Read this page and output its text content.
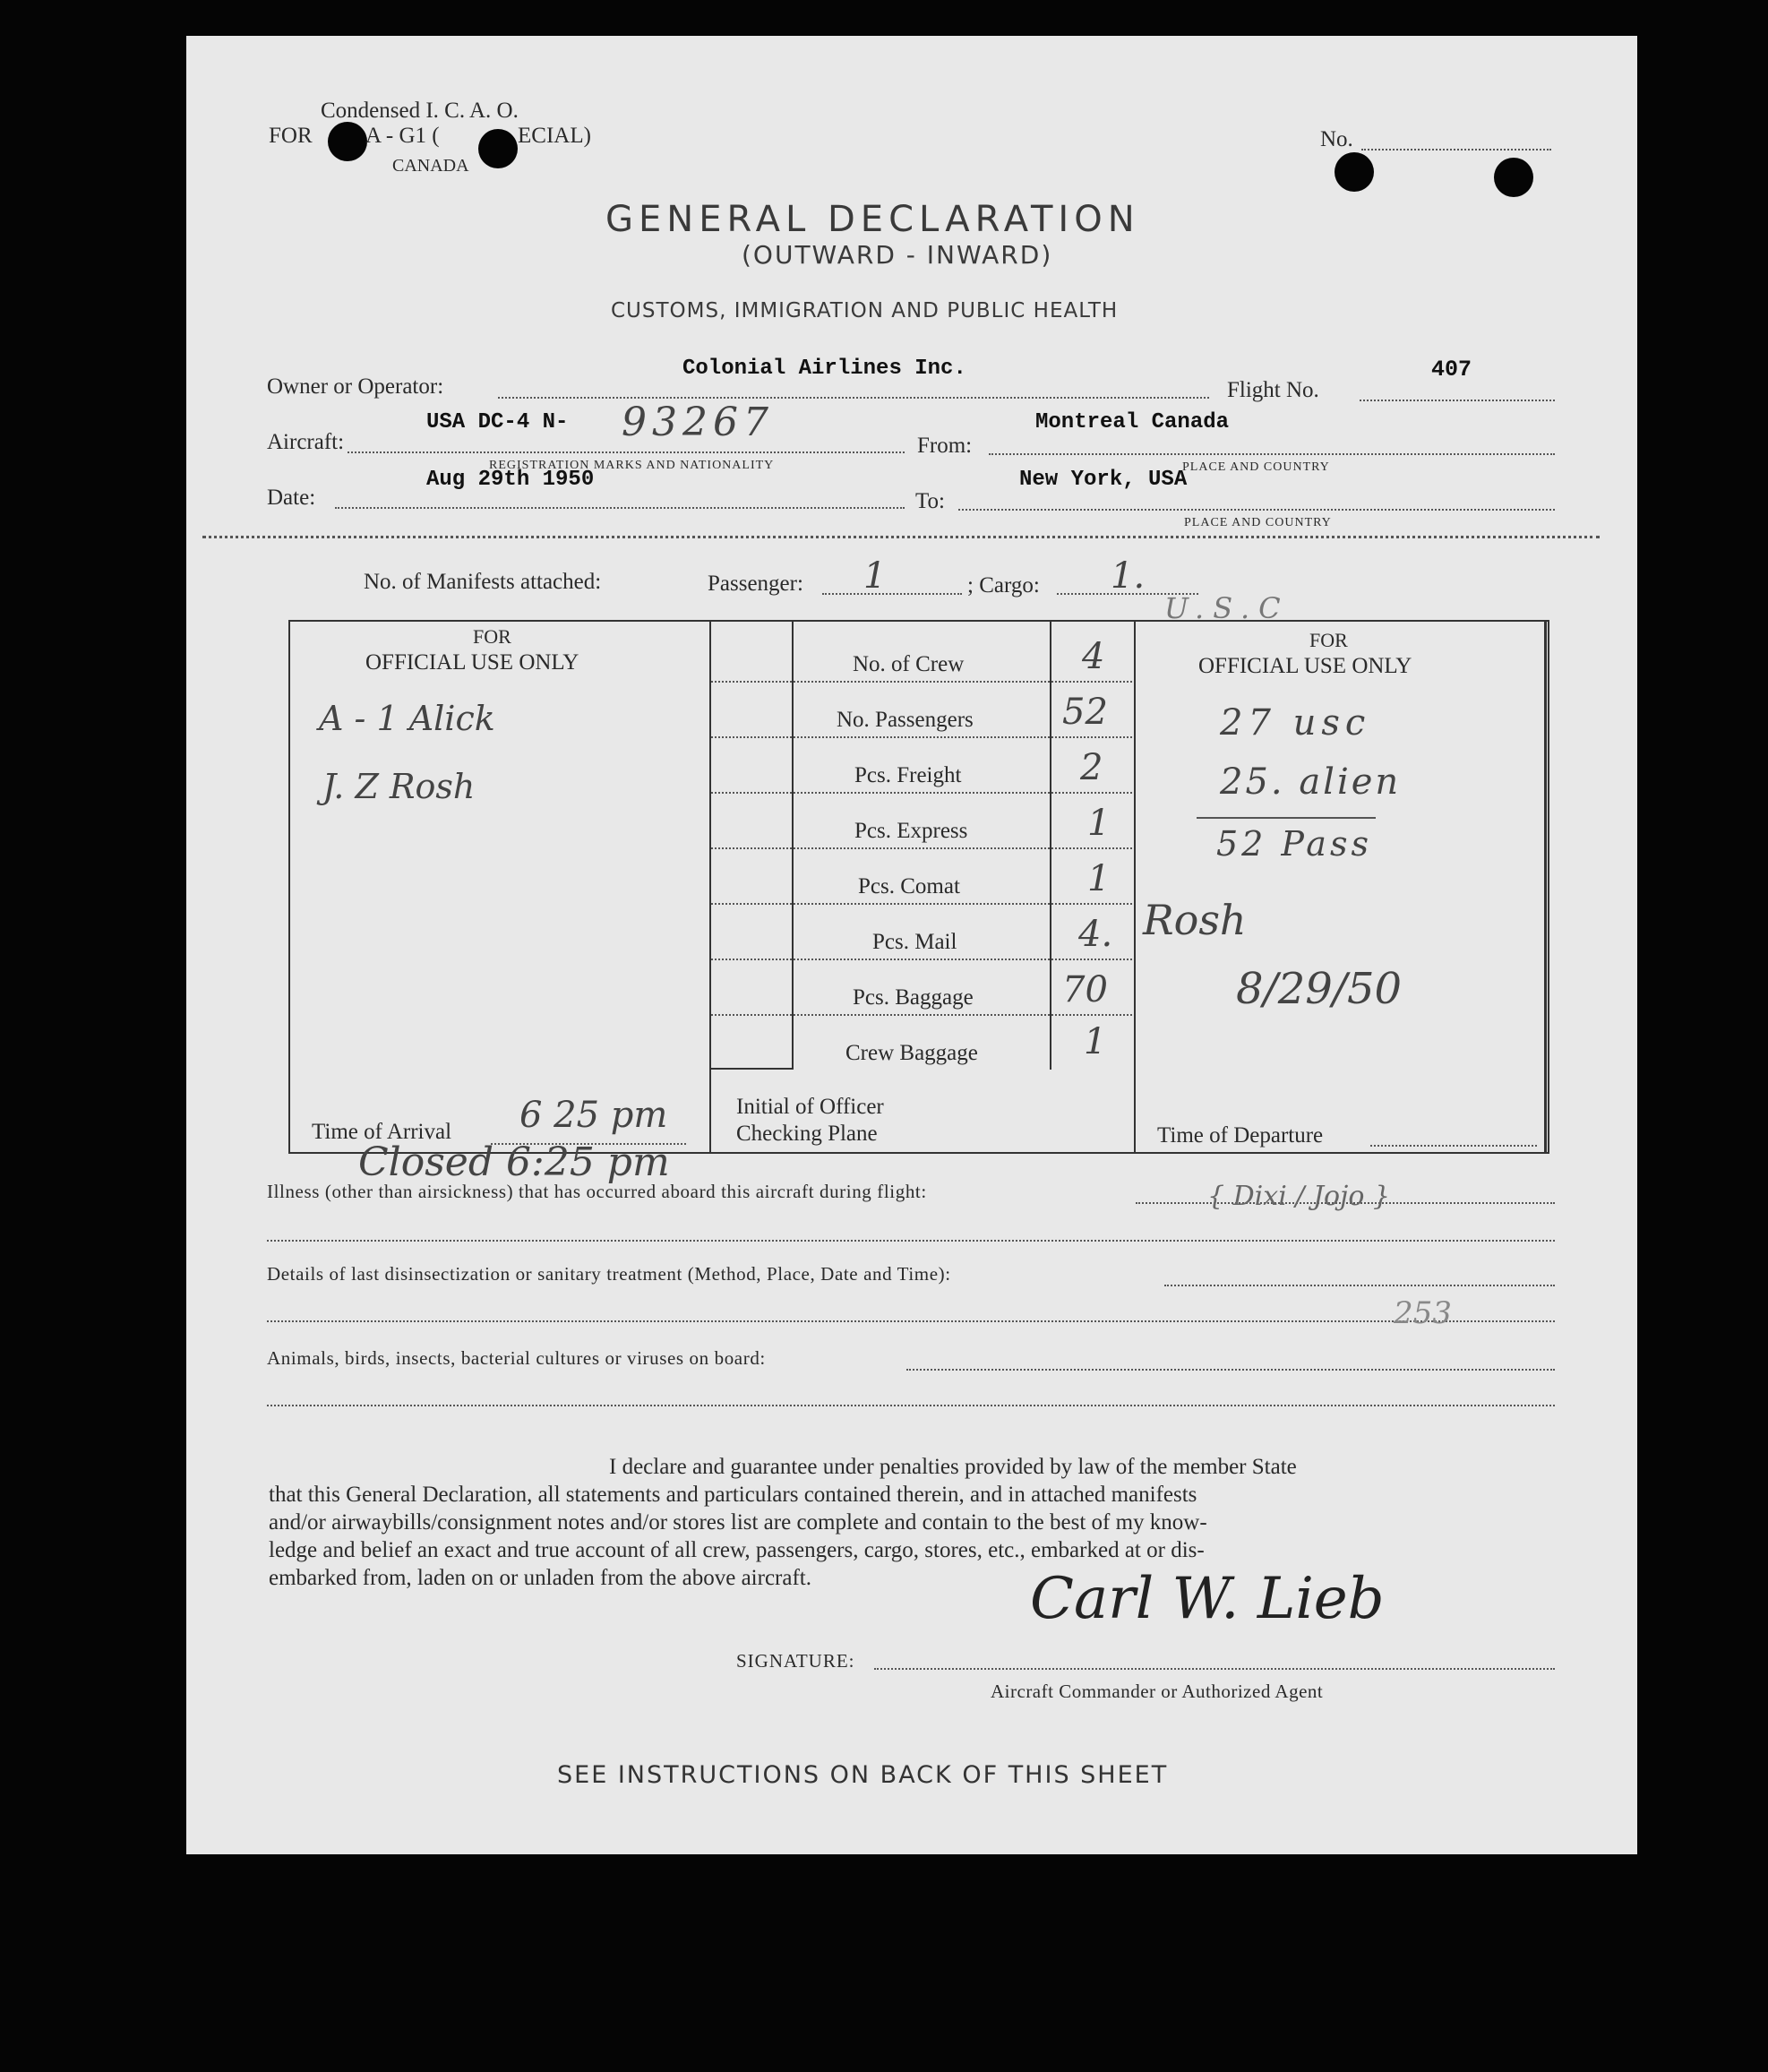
Condensed I. C. A. O.
FOR A - G1 (	ECIAL)
CANADA
No.
GENERAL DECLARATION
(OUTWARD - INWARD)
CUSTOMS, IMMIGRATION AND PUBLIC HEALTH
Owner or Operator:
Colonial Airlines Inc.
Flight No.
407
Aircraft:
USA DC-4 N- 93267
REGISTRATION MARKS AND NATIONALITY
From:
Montreal Canada
PLACE AND COUNTRY
Date:
Aug 29th 1950
To:
New York, USA
PLACE AND COUNTRY
No. of Manifests attached:	Passenger: 1	; Cargo: 1.
FOR
OFFICIAL USE ONLY
A - 1 Alick
J. Z Rosh
No. of Crew	4
No. Passengers 52
Pcs. Freight	2
Pcs. Express	1
Pcs. Comat	1
Pcs. Mail	4.
Pcs. Baggage 70
Crew Baggage	1
U.S.C
FOR
OFFICIAL USE ONLY
27 usc
25. alien
52 Pass
Rosh
8/29/50
Time of Arrival 6 25 pm	Initial of Officer
Checking Plane	Time of Departure
Closed 6:25 pm
Illness (other than airsickness) that has occurred aboard this aircraft during flight:	{ Dixi / Jojo }
Details of last disinsectization or sanitary treatment (Method, Place, Date and Time):
253
Animals, birds, insects, bacterial cultures or viruses on board:
I declare and guarantee under penalties provided by law of the member State
that this General Declaration, all statements and particulars contained therein, and in attached manifests
and/or airwaybills/consignment notes and/or stores list are complete and contain to the best of my know-
ledge and belief an exact and true account of all crew, passengers, cargo, stores, etc., embarked at or dis-
embarked from, laden on or unladen from the above aircraft.	Carl W. Lieb
SIGNATURE:
Aircraft Commander or Authorized Agent
SEE INSTRUCTIONS ON BACK OF THIS SHEET
